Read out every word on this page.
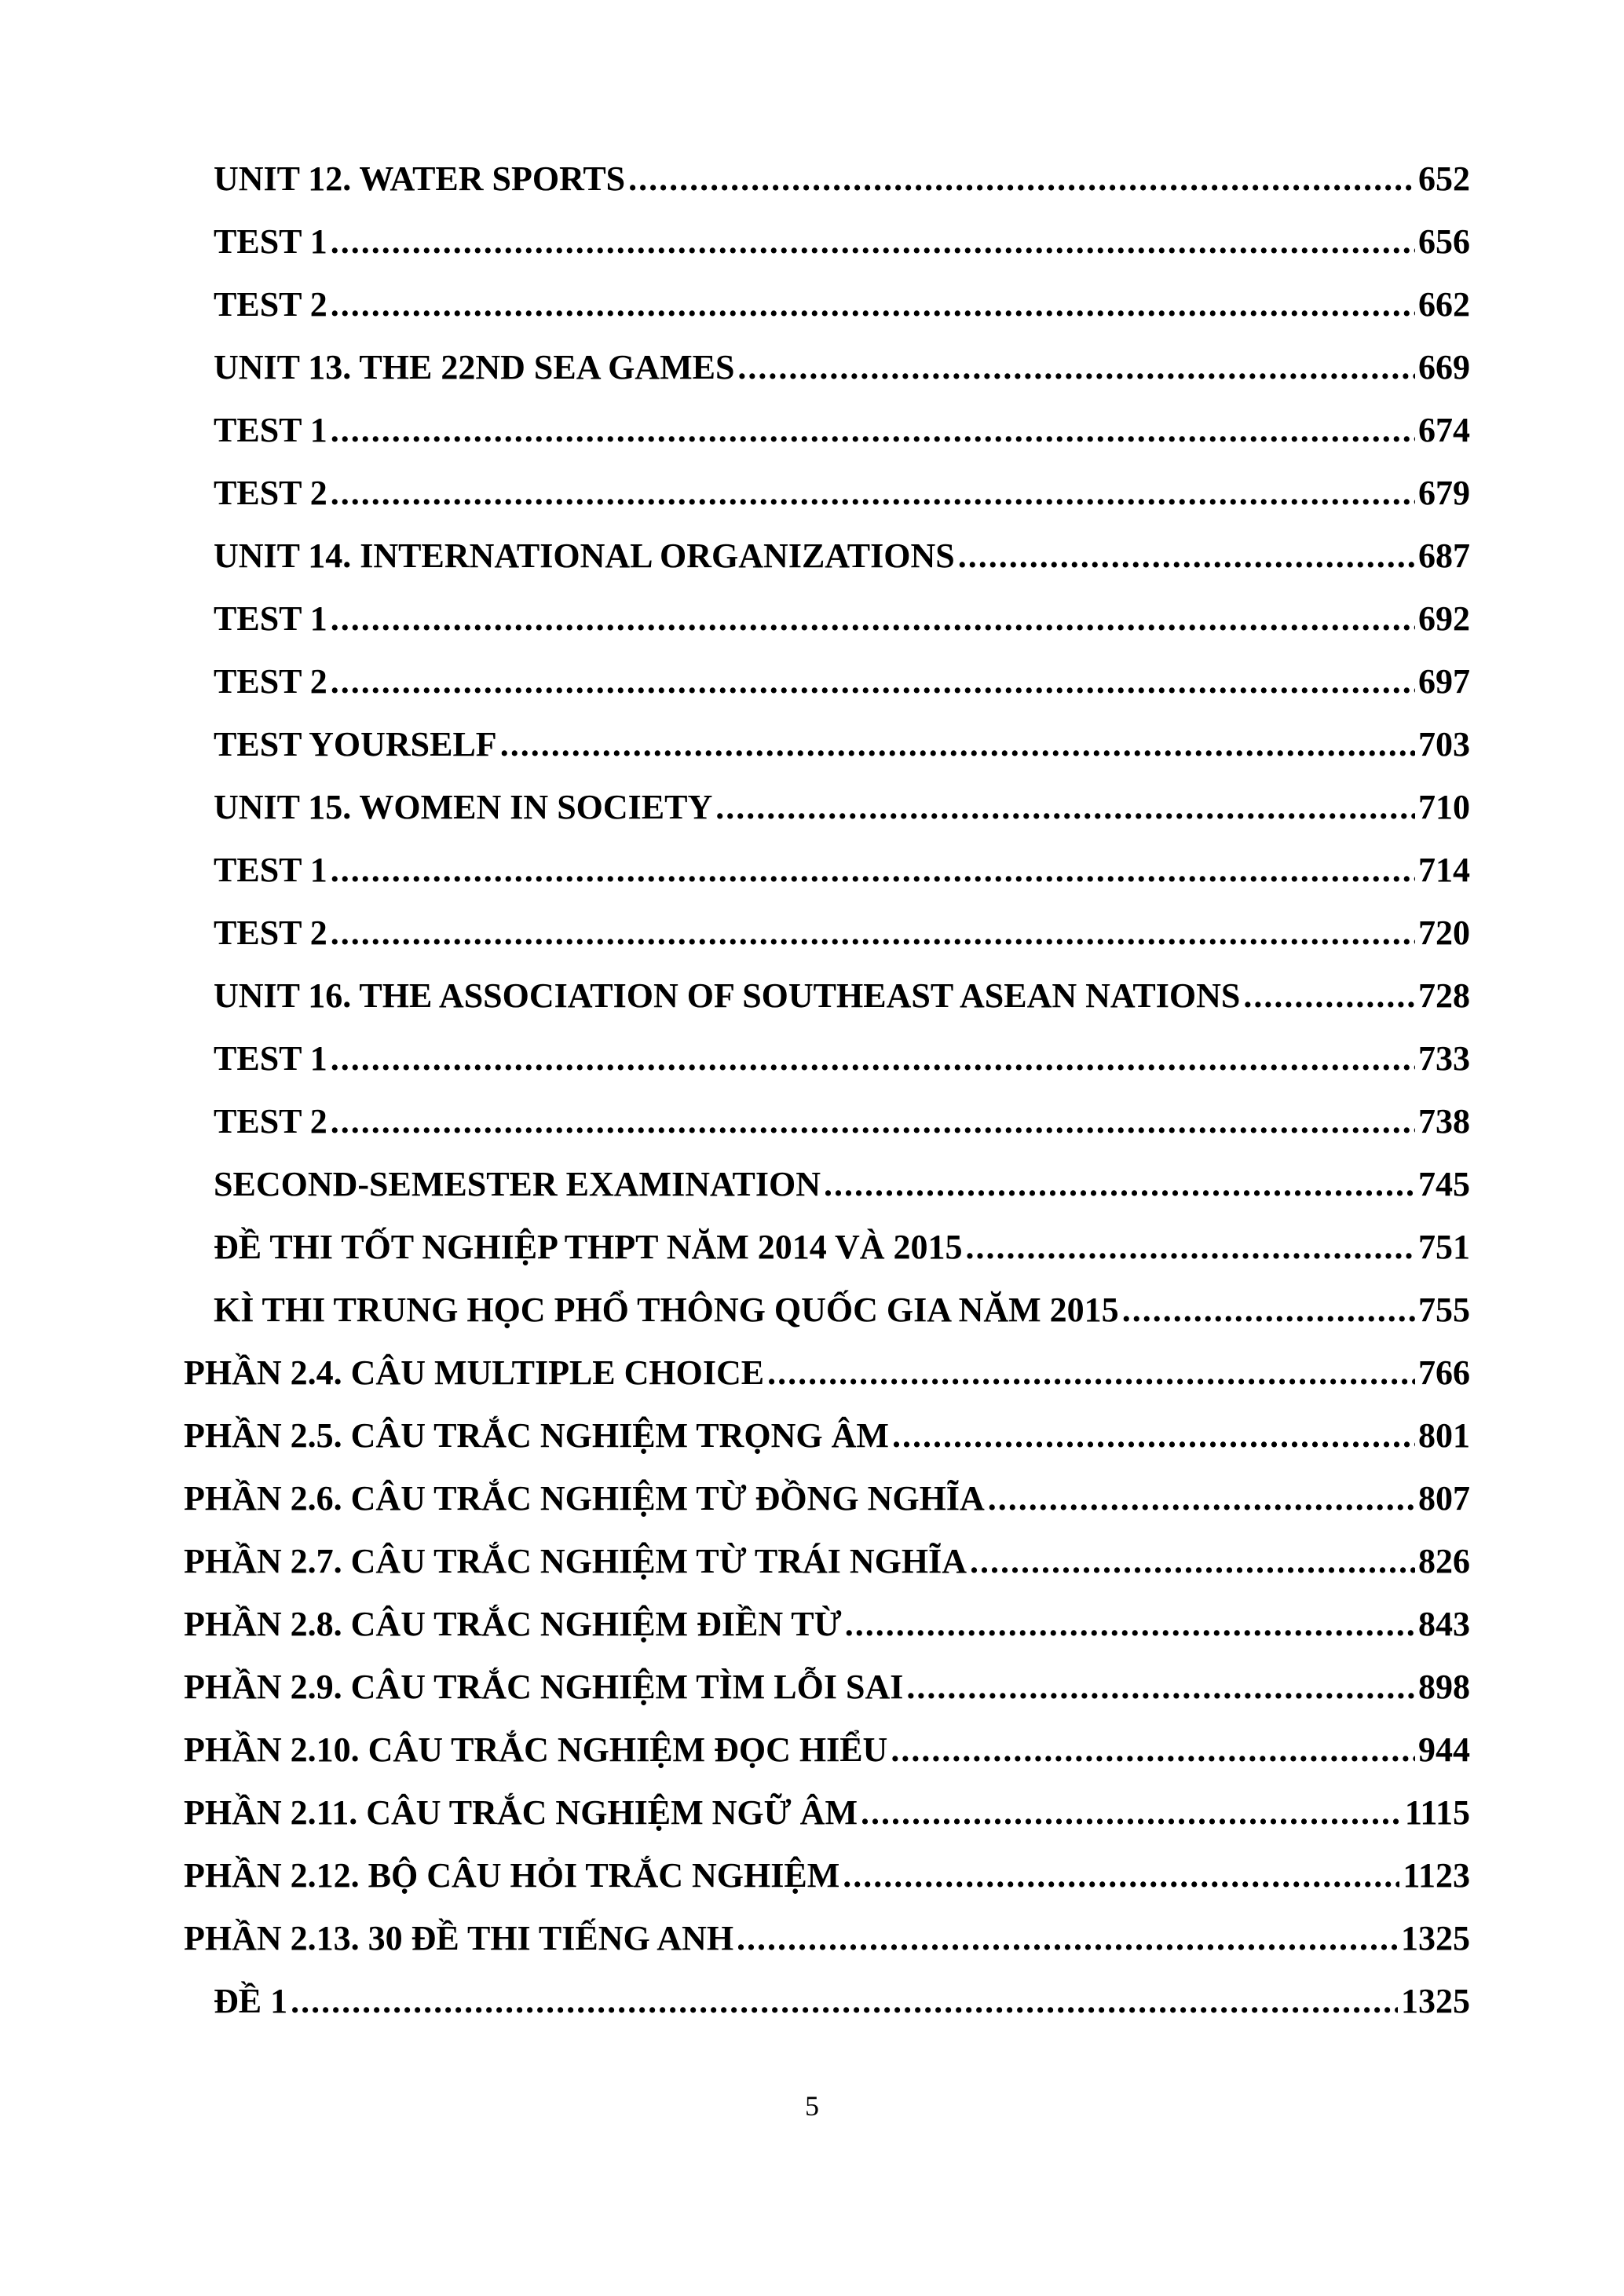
UNIT 12. WATER SPORTS .....	652
TEST 1 .....	656
TEST 2 .....	662
UNIT 13. THE 22ND SEA GAMES .....	669
TEST 1 .....	674
TEST 2 .....	679
UNIT 14. INTERNATIONAL ORGANIZATIONS .....	687
TEST 1 .....	692
TEST 2 .....	697
TEST YOURSELF .....	703
UNIT 15. WOMEN IN SOCIETY .....	710
TEST 1 .....	714
TEST 2 .....	720
UNIT 16. THE ASSOCIATION OF SOUTHEAST ASEAN NATIONS .....	728
TEST 1 .....	733
TEST 2 .....	738
SECOND-SEMESTER EXAMINATION .....	745
ĐỀ THI TỐT NGHIỆP THPT NĂM 2014 VÀ 2015 .....	751
KÌ THI TRUNG HỌC PHỔ THÔNG QUỐC GIA NĂM 2015 .....	755
PHẦN 2.4. CÂU MULTIPLE CHOICE .....	766
PHẦN 2.5. CÂU TRẮC NGHIỆM TRỌNG ÂM .....	801
PHẦN 2.6. CÂU TRẮC NGHIỆM TỪ ĐỒNG NGHĨA .....	807
PHẦN 2.7. CÂU TRẮC NGHIỆM TỪ TRÁI NGHĨA .....	826
PHẦN 2.8. CÂU TRẮC NGHIỆM ĐIỀN TỪ .....	843
PHẦN 2.9. CÂU TRẮC NGHIỆM TÌM LỖI SAI .....	898
PHẦN 2.10. CÂU TRẮC NGHIỆM ĐỌC HIỂU .....	944
PHẦN 2.11. CÂU TRẮC NGHIỆM NGỮ ÂM .....	1115
PHẦN 2.12. BỘ CÂU HỎI TRẮC NGHIỆM .....	1123
PHẦN 2.13. 30 ĐỀ THI TIẾNG ANH .....	1325
ĐỀ 1 .....	1325
5
